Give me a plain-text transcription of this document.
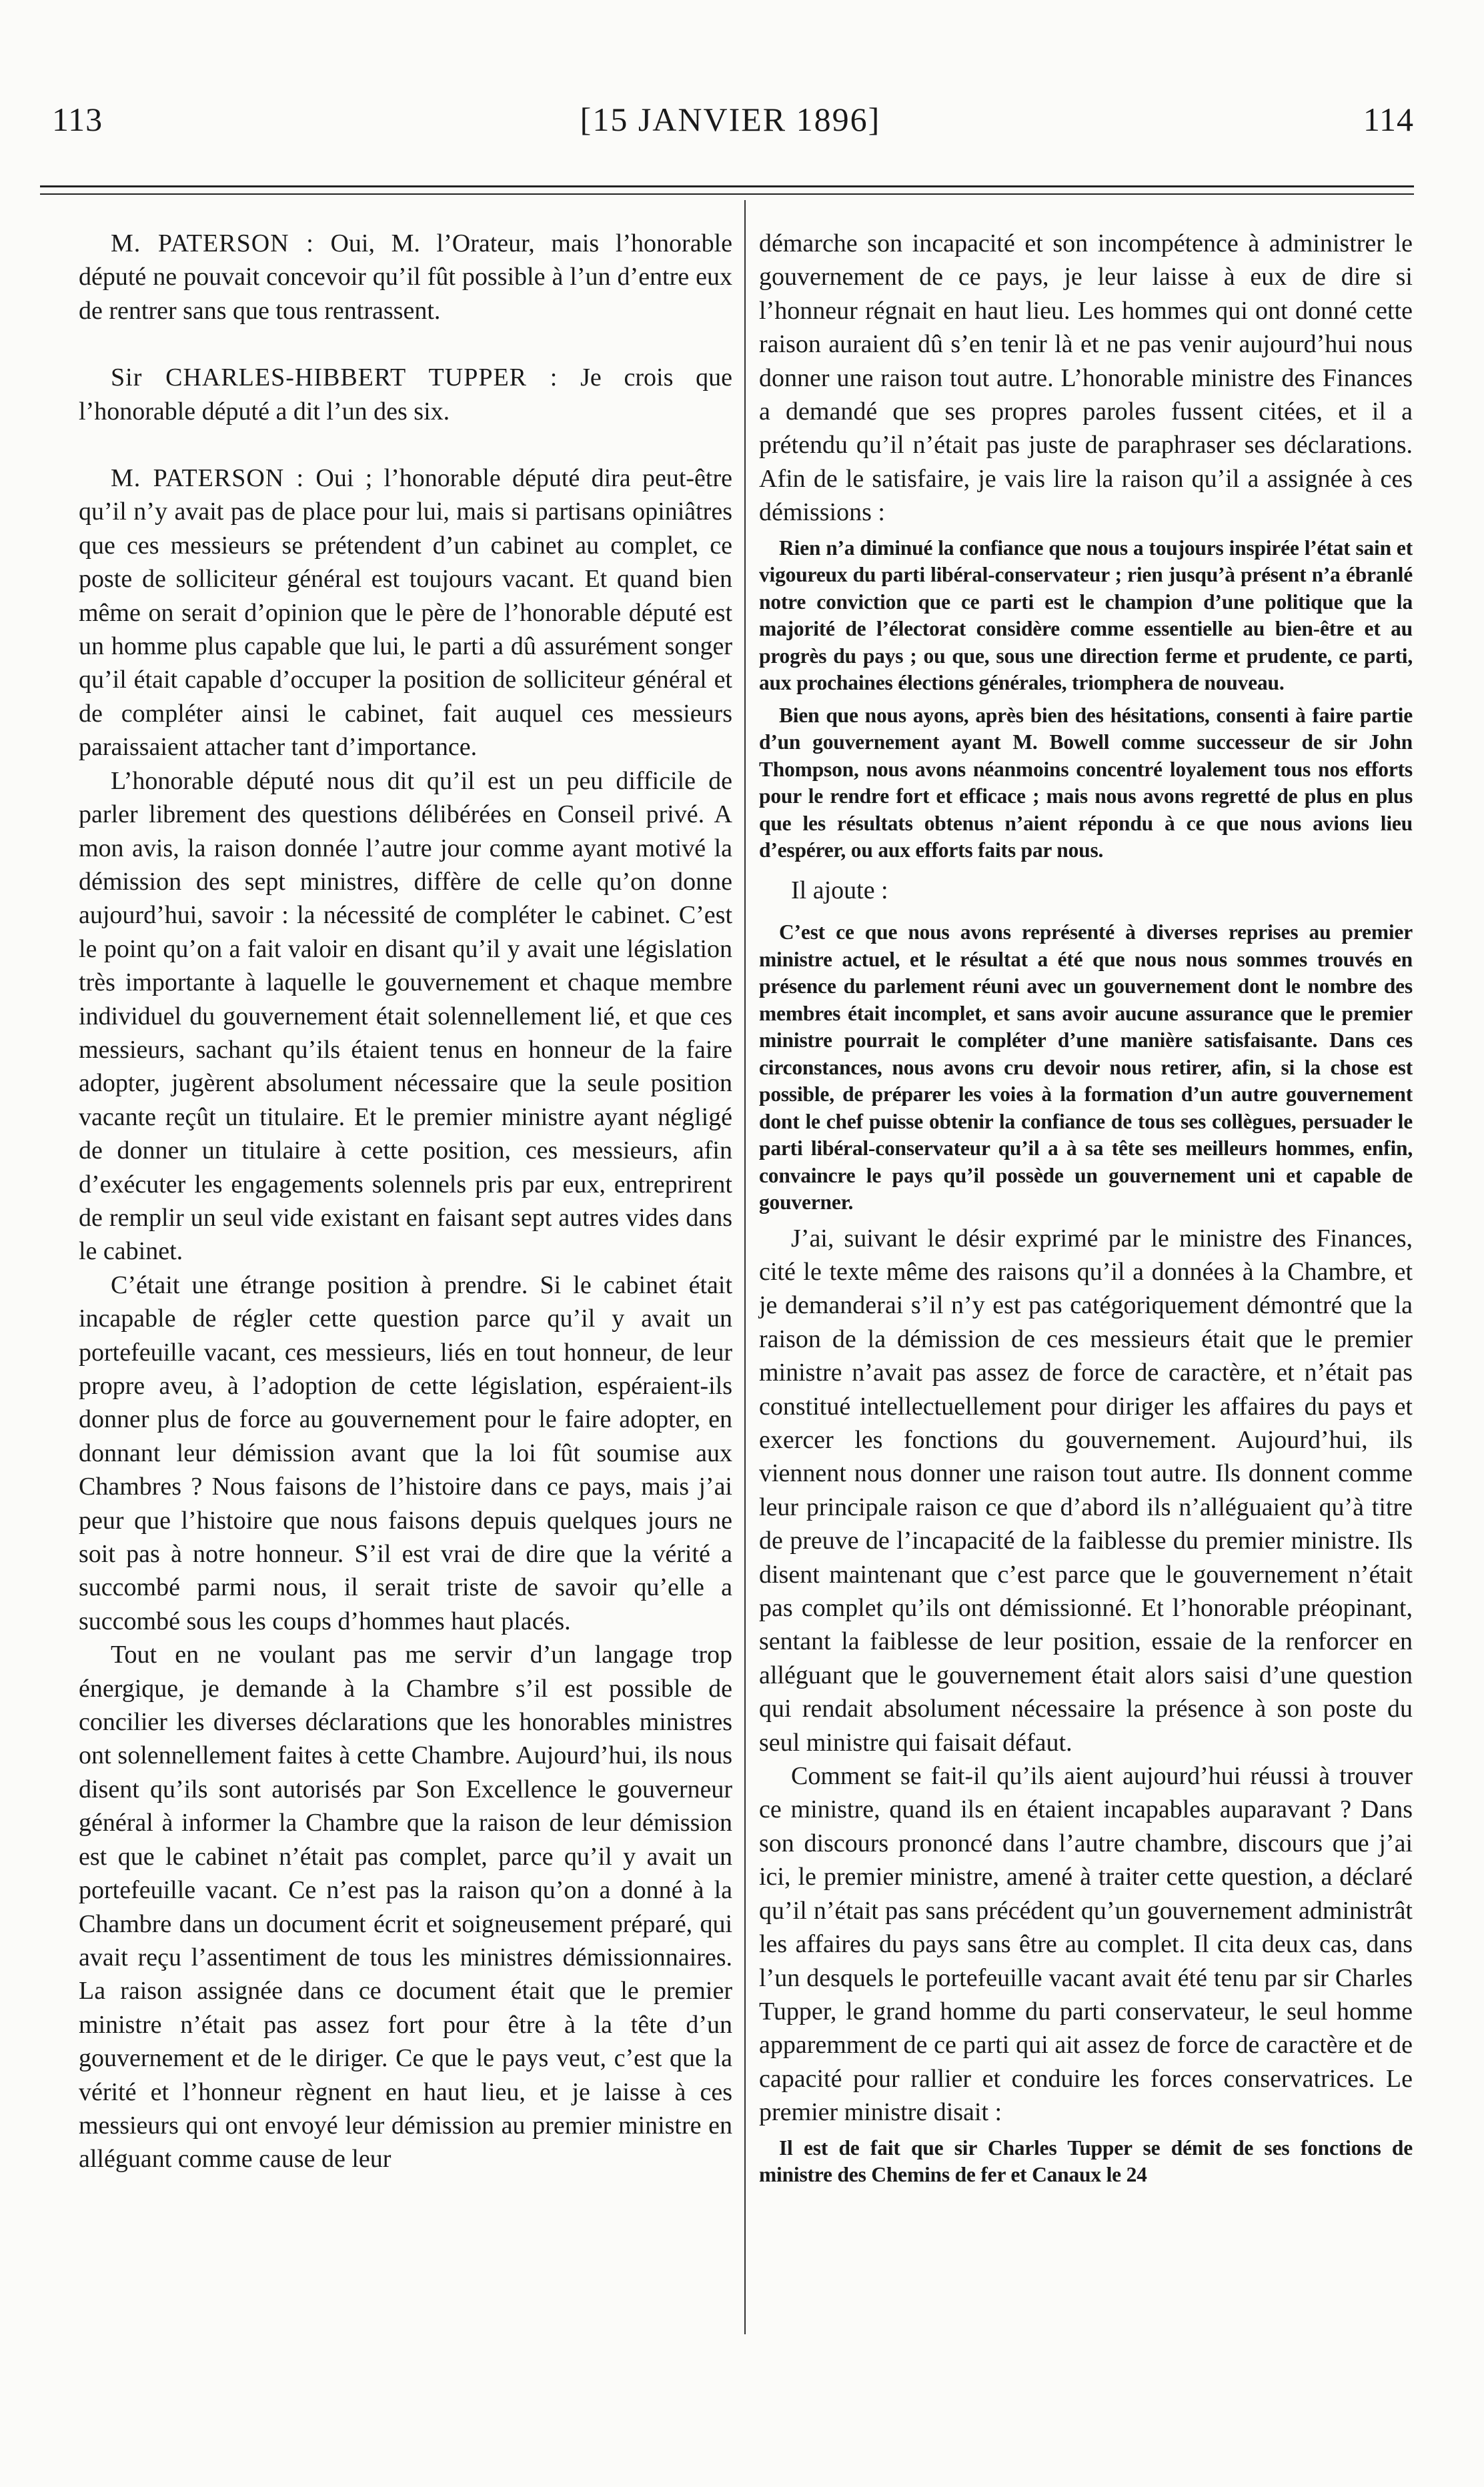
113	[15 JANVIER 1896]	114

M. PATERSON : Oui, M. l’Orateur, mais l’honorable député ne pouvait concevoir qu’il fût possible à l’un d’entre eux de rentrer sans que tous rentrassent.

Sir CHARLES-HIBBERT TUPPER : Je crois que l’honorable député a dit l’un des six.

M. PATERSON : Oui ; l’honorable député dira peut-être qu’il n’y avait pas de place pour lui, mais si partisans opiniâtres que ces messieurs se prétendent d’un cabinet au complet, ce poste de solliciteur général est toujours vacant. Et quand bien même on serait d’opinion que le père de l’honorable député est un homme plus capable que lui, le parti a dû assurément songer qu’il était capable d’occuper la position de solliciteur général et de compléter ainsi le cabinet, fait auquel ces messieurs paraissaient attacher tant d’importance.

L’honorable député nous dit qu’il est un peu difficile de parler librement des questions délibérées en Conseil privé. A mon avis, la raison donnée l’autre jour comme ayant motivé la démission des sept ministres, diffère de celle qu’on donne aujourd’hui, savoir : la nécessité de compléter le cabinet. C’est le point qu’on a fait valoir en disant qu’il y avait une législation très importante à laquelle le gouvernement et chaque membre individuel du gouvernement était solennellement lié, et que ces messieurs, sachant qu’ils étaient tenus en honneur de la faire adopter, jugèrent absolument nécessaire que la seule position vacante reçût un titulaire. Et le premier ministre ayant négligé de donner un titulaire à cette position, ces messieurs, afin d’exécuter les engagements solennels pris par eux, entreprirent de remplir un seul vide existant en faisant sept autres vides dans le cabinet.

C’était une étrange position à prendre. Si le cabinet était incapable de régler cette question parce qu’il y avait un portefeuille vacant, ces messieurs, liés en tout honneur, de leur propre aveu, à l’adoption de cette législation, espéraient-ils donner plus de force au gouvernement pour le faire adopter, en donnant leur démission avant que la loi fût soumise aux Chambres ? Nous faisons de l’histoire dans ce pays, mais j’ai peur que l’histoire que nous faisons depuis quelques jours ne soit pas à notre honneur. S’il est vrai de dire que la vérité a succombé parmi nous, il serait triste de savoir qu’elle a succombé sous les coups d’hommes haut placés.

Tout en ne voulant pas me servir d’un langage trop énergique, je demande à la Chambre s’il est possible de concilier les diverses déclarations que les honorables ministres ont solennellement faites à cette Chambre. Aujourd’hui, ils nous disent qu’ils sont autorisés par Son Excellence le gouverneur général à informer la Chambre que la raison de leur démission est que le cabinet n’était pas complet, parce qu’il y avait un portefeuille vacant. Ce n’est pas la raison qu’on a donné à la Chambre dans un document écrit et soigneusement préparé, qui avait reçu l’assentiment de tous les ministres démissionnaires. La raison assignée dans ce document était que le premier ministre n’était pas assez fort pour être à la tête d’un gouvernement et de le diriger. Ce que le pays veut, c’est que la vérité et l’honneur règnent en haut lieu, et je laisse à ces messieurs qui ont envoyé leur démission au premier ministre en alléguant comme cause de leur

démarche son incapacité et son incompétence à administrer le gouvernement de ce pays, je leur laisse à eux de dire si l’honneur régnait en haut lieu. Les hommes qui ont donné cette raison auraient dû s’en tenir là et ne pas venir aujourd’hui nous donner une raison tout autre. L’honorable ministre des Finances a demandé que ses propres paroles fussent citées, et il a prétendu qu’il n’était pas juste de paraphraser ses déclarations. Afin de le satisfaire, je vais lire la raison qu’il a assignée à ces démissions :

Rien n’a diminué la confiance que nous a toujours inspirée l’état sain et vigoureux du parti libéral-conservateur ; rien jusqu’à présent n’a ébranlé notre conviction que ce parti est le champion d’une politique que la majorité de l’électorat considère comme essentielle au bien-être et au progrès du pays ; ou que, sous une direction ferme et prudente, ce parti, aux prochaines élections générales, triomphera de nouveau.

Bien que nous ayons, après bien des hésitations, consenti à faire partie d’un gouvernement ayant M. Bowell comme successeur de sir John Thompson, nous avons néanmoins concentré loyalement tous nos efforts pour le rendre fort et efficace ; mais nous avons regretté de plus en plus que les résultats obtenus n’aient répondu à ce que nous avions lieu d’espérer, ou aux efforts faits par nous.

Il ajoute :

C’est ce que nous avons représenté à diverses reprises au premier ministre actuel, et le résultat a été que nous nous sommes trouvés en présence du parlement réuni avec un gouvernement dont le nombre des membres était incomplet, et sans avoir aucune assurance que le premier ministre pourrait le compléter d’une manière satisfaisante. Dans ces circonstances, nous avons cru devoir nous retirer, afin, si la chose est possible, de préparer les voies à la formation d’un autre gouvernement dont le chef puisse obtenir la confiance de tous ses collègues, persuader le parti libéral-conservateur qu’il a à sa tête ses meilleurs hommes, enfin, convaincre le pays qu’il possède un gouvernement uni et capable de gouverner.

J’ai, suivant le désir exprimé par le ministre des Finances, cité le texte même des raisons qu’il a données à la Chambre, et je demanderai s’il n’y est pas catégoriquement démontré que la raison de la démission de ces messieurs était que le premier ministre n’avait pas assez de force de caractère, et n’était pas constitué intellectuellement pour diriger les affaires du pays et exercer les fonctions du gouvernement. Aujourd’hui, ils viennent nous donner une raison tout autre. Ils donnent comme leur principale raison ce que d’abord ils n’alléguaient qu’à titre de preuve de l’incapacité de la faiblesse du premier ministre. Ils disent maintenant que c’est parce que le gouvernement n’était pas complet qu’ils ont démissionné. Et l’honorable préopinant, sentant la faiblesse de leur position, essaie de la renforcer en alléguant que le gouvernement était alors saisi d’une question qui rendait absolument nécessaire la présence à son poste du seul ministre qui faisait défaut.

Comment se fait-il qu’ils aient aujourd’hui réussi à trouver ce ministre, quand ils en étaient incapables auparavant ? Dans son discours prononcé dans l’autre chambre, discours que j’ai ici, le premier ministre, amené à traiter cette question, a déclaré qu’il n’était pas sans précédent qu’un gouvernement administrât les affaires du pays sans être au complet. Il cita deux cas, dans l’un desquels le portefeuille vacant avait été tenu par sir Charles Tupper, le grand homme du parti conservateur, le seul homme apparemment de ce parti qui ait assez de force de caractère et de capacité pour rallier et conduire les forces conservatrices. Le premier ministre disait :

Il est de fait que sir Charles Tupper se démit de ses fonctions de ministre des Chemins de fer et Canaux le 24
